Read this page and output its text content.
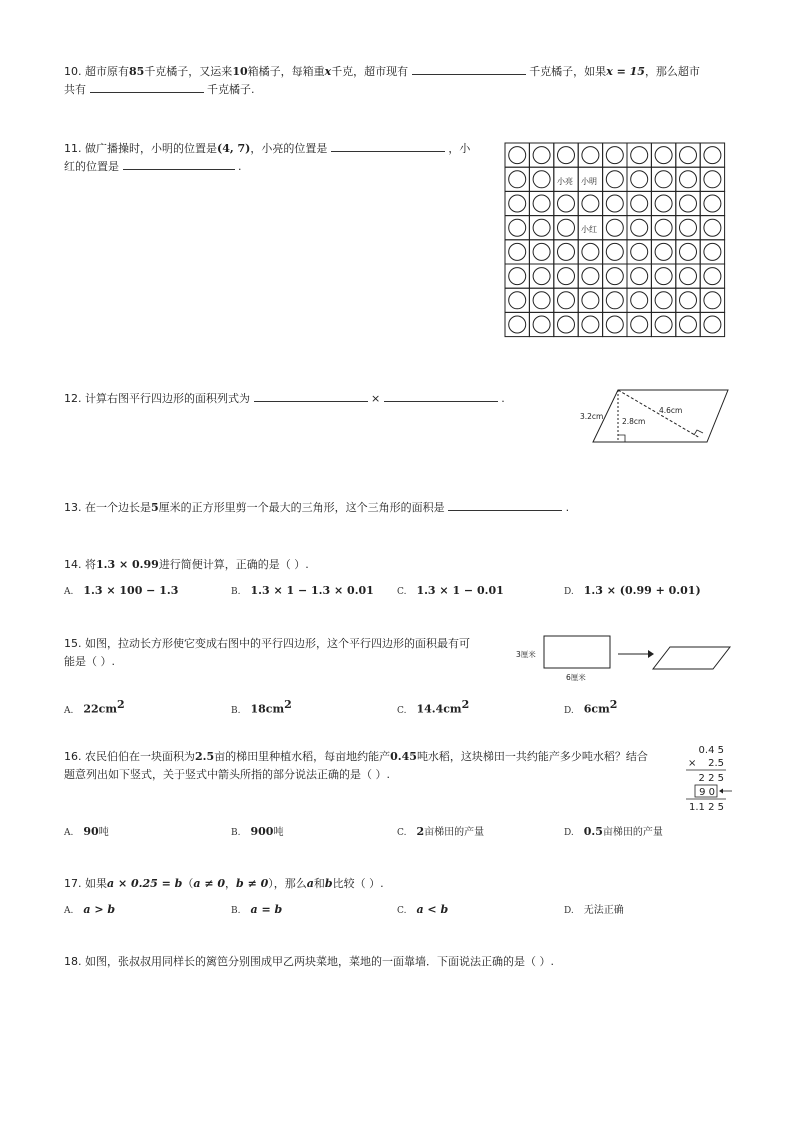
10. 超市原有85千克橘子，又运来10箱橘子，每箱重x千克，超市现有	千克橘子，如果x = 15，那么超市
共有	千克橘子.
11. 做广播操时，小明的位置是(4, 7)，小亮的位置是	，小
红的位置是	.
小亮 小明
小红
12. 计算右图平行四边形的面积列式为	×	.
3.2cm
4.6cm
2.8cm
13. 在一个边长是5厘米的正方形里剪一个最大的三角形，这个三角形的面积是	.
14. 将1.3 × 0.99进行简便计算，正确的是（ ）.
A. 1.3 × 100 − 1.3	B. 1.3 × 1 − 1.3 × 0.01	C. 1.3 × 1 − 0.01	D. 1.3 × (0.99 + 0.01)
15. 如图，拉动长方形使它变成右图中的平行四边形，这个平行四边形的面积最有可
能是（ ）.
3厘米
6厘米
A. $22cm^2$	B. $18cm^2$	C. $14.4cm^2$	D. $6cm^2$
16. 农民伯伯在一块面积为2.5亩的梯田里种植水稻，每亩地约能产0.45吨水稻，这块梯田一共约能产多少吨水稻？结合
题意列出如下竖式，关于竖式中箭头所指的部分说法正确的是（ ）.
0.4 5
× 2.5
2 2 5
9 0
1.1 2 5
A. 90吨	B. 900吨	C. 2亩梯田的产量	D. 0.5亩梯田的产量
17. 如果a × 0.25 = b（a ≠ 0，b ≠ 0），那么a和b比较（ ）.
A. a > b	B. a = b	C. a < b	D. 无法正确
18. 如图，张叔叔用同样长的篱笆分别围成甲乙两块菜地，菜地的一面靠墙．下面说法正确的是（ ）.
